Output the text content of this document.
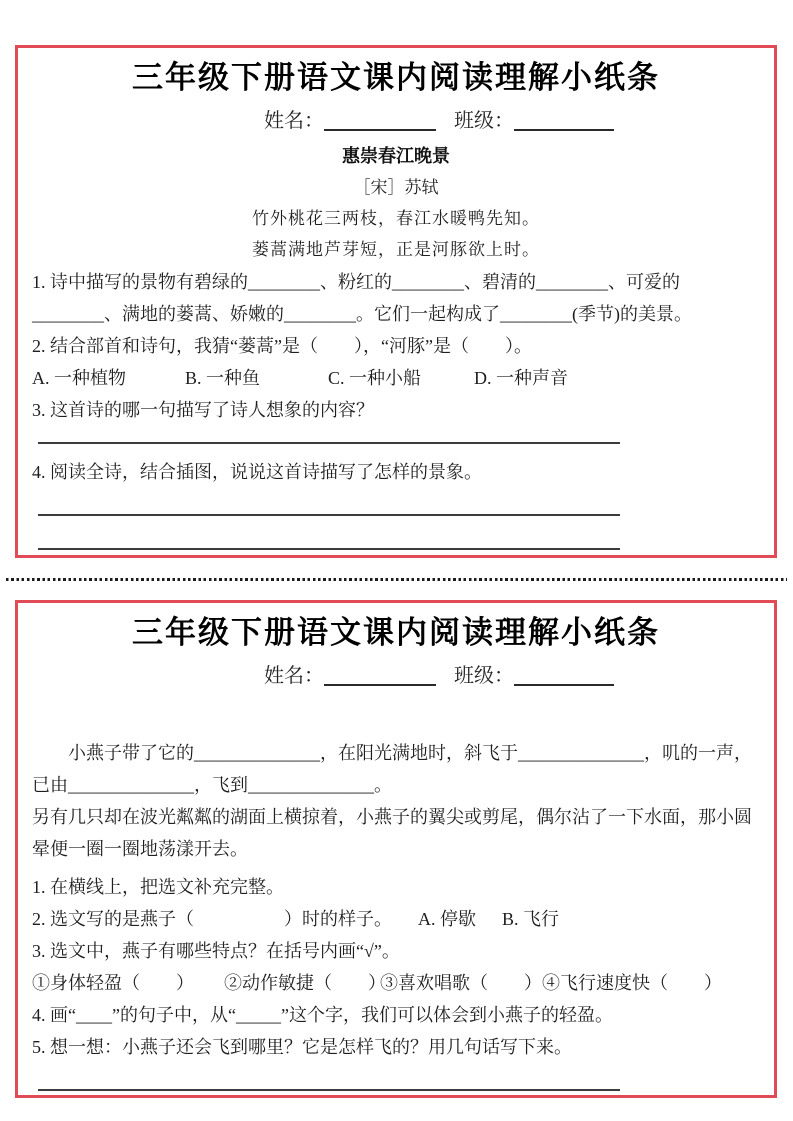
三年级下册语文课内阅读理解小纸条
姓名：	班级：
惠崇春江晚景
［宋］苏轼
竹外桃花三两枝，春江水暖鸭先知。
蒌蒿满地芦芽短，正是河豚欲上时。
1. 诗中描写的景物有碧绿的________、粉红的________、碧清的________、可爱的________、满地的蒌蒿、娇嫩的________。它们一起构成了________(季节)的美景。
2. 结合部首和诗句，我猜“蒌蒿”是（　　），“河豚”是（　　）。
A. 一种植物	B. 一种鱼	C. 一种小船	D. 一种声音
3. 这首诗的哪一句描写了诗人想象的内容？
4. 阅读全诗，结合插图，说说这首诗描写了怎样的景象。
三年级下册语文课内阅读理解小纸条
姓名：	班级：

小燕子带了它的______________，在阳光满地时，斜飞于______________，叽的一声，已由______________，飞到______________。

另有几只却在波光粼粼的湖面上横掠着，小燕子的翼尖或剪尾，偶尔沾了一下水面，那小圆晕便一圈一圈地荡漾开去。

1. 在横线上，把选文补充完整。
2. 选文写的是燕子（　　　　　）时的样子。 A. 停歇 B. 飞行
3. 选文中，燕子有哪些特点？在括号内画“√”。
①身体轻盈（　　）	②动作敏捷（　　）
③喜欢唱歌（　　） ④飞行速度快（　　）
4. 画“____”的句子中，从“_____”这个字，我们可以体会到小燕子的轻盈。
5. 想一想：小燕子还会飞到哪里？它是怎样飞的？用几句话写下来。
